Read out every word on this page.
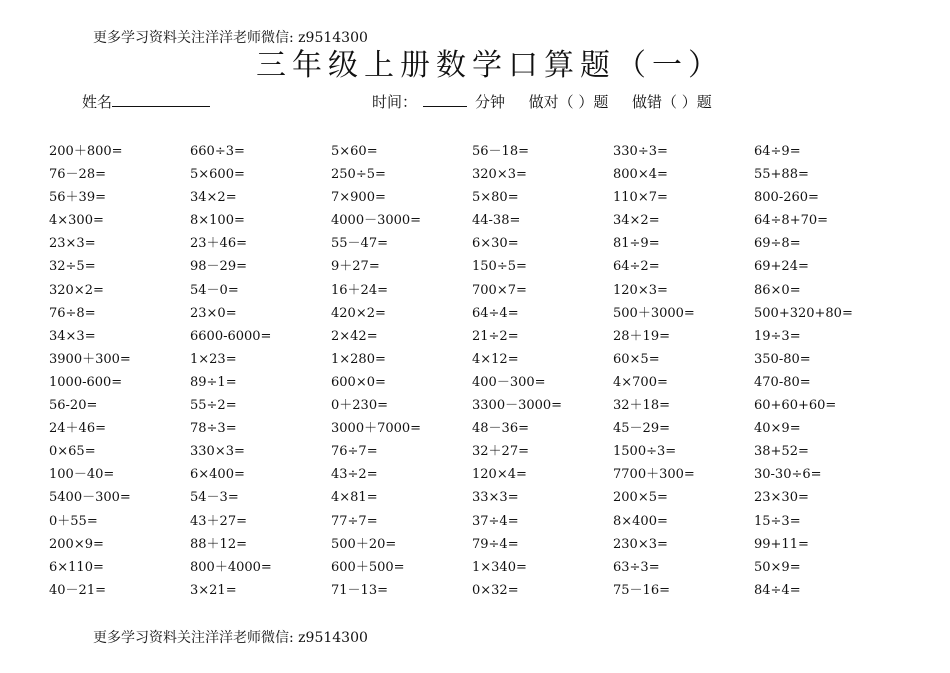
更多学习资料关注洋洋老师微信: z9514300
三年级上册数学口算题（一）
姓名	时间：	分钟 做对（ ）题 做错（ ）题
200＋800=	660÷3=	5×60=	56－18=	330÷3=	64÷9=
76－28=	5×600=	250÷5=	320×3=	800×4=	55+88=
56＋39=	34×2=	7×900=	5×80=	110×7=	800-260=
4×300=	8×100=	4000－3000=	44-38=	34×2=	64÷8+70=
23×3=	23＋46=	55－47=	6×30=	81÷9=	69÷8=
32÷5=	98－29=	9＋27=	150÷5=	64÷2=	69+24=
320×2=	54－0=	16＋24=	700×7=	120×3=	86×0=
76÷8=	23×0=	420×2=	64÷4=	500＋3000=	500+320+80=
34×3=	6600-6000=	2×42=	21÷2=	28＋19=	19÷3=
3900＋300=	1×23=	1×280=	4×12=	60×5=	350-80=
1000-600=	89÷1=	600×0=	400－300=	4×700=	470-80=
56-20=	55÷2=	0＋230=	3300－3000=	32＋18=	60+60+60=
24＋46=	78÷3=	3000＋7000=	48－36=	45－29=	40×9=
0×65=	330×3=	76÷7=	32＋27=	1500÷3=	38+52=
100－40=	6×400=	43÷2=	120×4=	7700＋300=	30-30÷6=
5400－300=	54－3=	4×81=	33×3=	200×5=	23×30=
0＋55=	43＋27=	77÷7=	37÷4=	8×400=	15÷3=
200×9=	88＋12=	500＋20=	79÷4=	230×3=	99+11=
6×110=	800＋4000=	600＋500=	1×340=	63÷3=	50×9=
40－21=	3×21=	71－13=	0×32=	75－16=	84÷4=
更多学习资料关注洋洋老师微信: z9514300
